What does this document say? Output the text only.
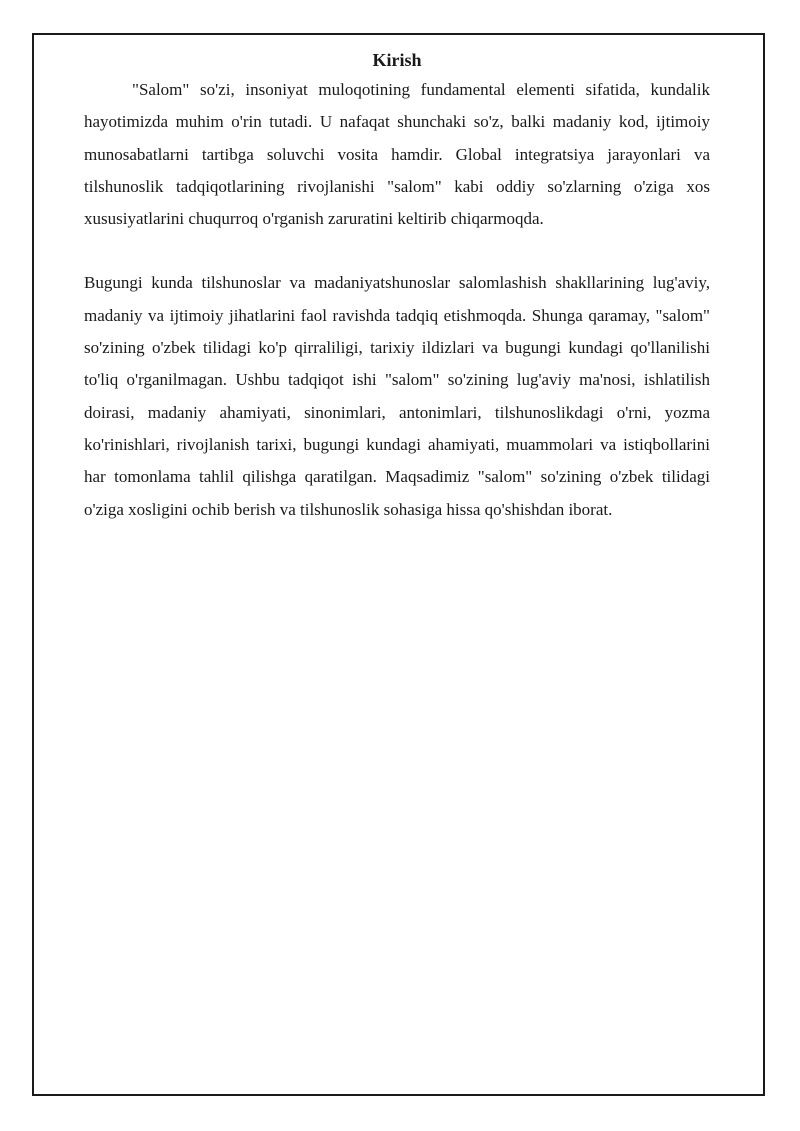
Kirish

"Salom" so'zi, insoniyat muloqotining fundamental elementi sifatida, kundalik hayotimizda muhim o'rin tutadi. U nafaqat shunchaki so'z, balki madaniy kod, ijtimoiy munosabatlarni tartibga soluvchi vosita hamdir. Global integratsiya jarayonlari va tilshunoslik tadqiqotlarining rivojlanishi "salom" kabi oddiy so'zlarning o'ziga xos xususiyatlarini chuqurroq o'rganish zaruratini keltirib chiqarmoqda.

Bugungi kunda tilshunoslar va madaniyatshunoslar salomlashish shakllarining lug'aviy, madaniy va ijtimoiy jihatlarini faol ravishda tadqiq etishmoqda. Shunga qaramay, "salom" so'zining o'zbek tilidagi ko'p qirraliligi, tarixiy ildizlari va bugungi kundagi qo'llanilishi to'liq o'rganilmagan. Ushbu tadqiqot ishi "salom" so'zining lug'aviy ma'nosi, ishlatilish doirasi, madaniy ahamiyati, sinonimlari, antonimlari, tilshunoslikdagi o'rni, yozma ko'rinishlari, rivojlanish tarixi, bugungi kundagi ahamiyati, muammolari va istiqbollarini har tomonlama tahlil qilishga qaratilgan. Maqsadimiz "salom" so'zining o'zbek tilidagi o'ziga xosligini ochib berish va tilshunoslik sohasiga hissa qo'shishdan iborat.
